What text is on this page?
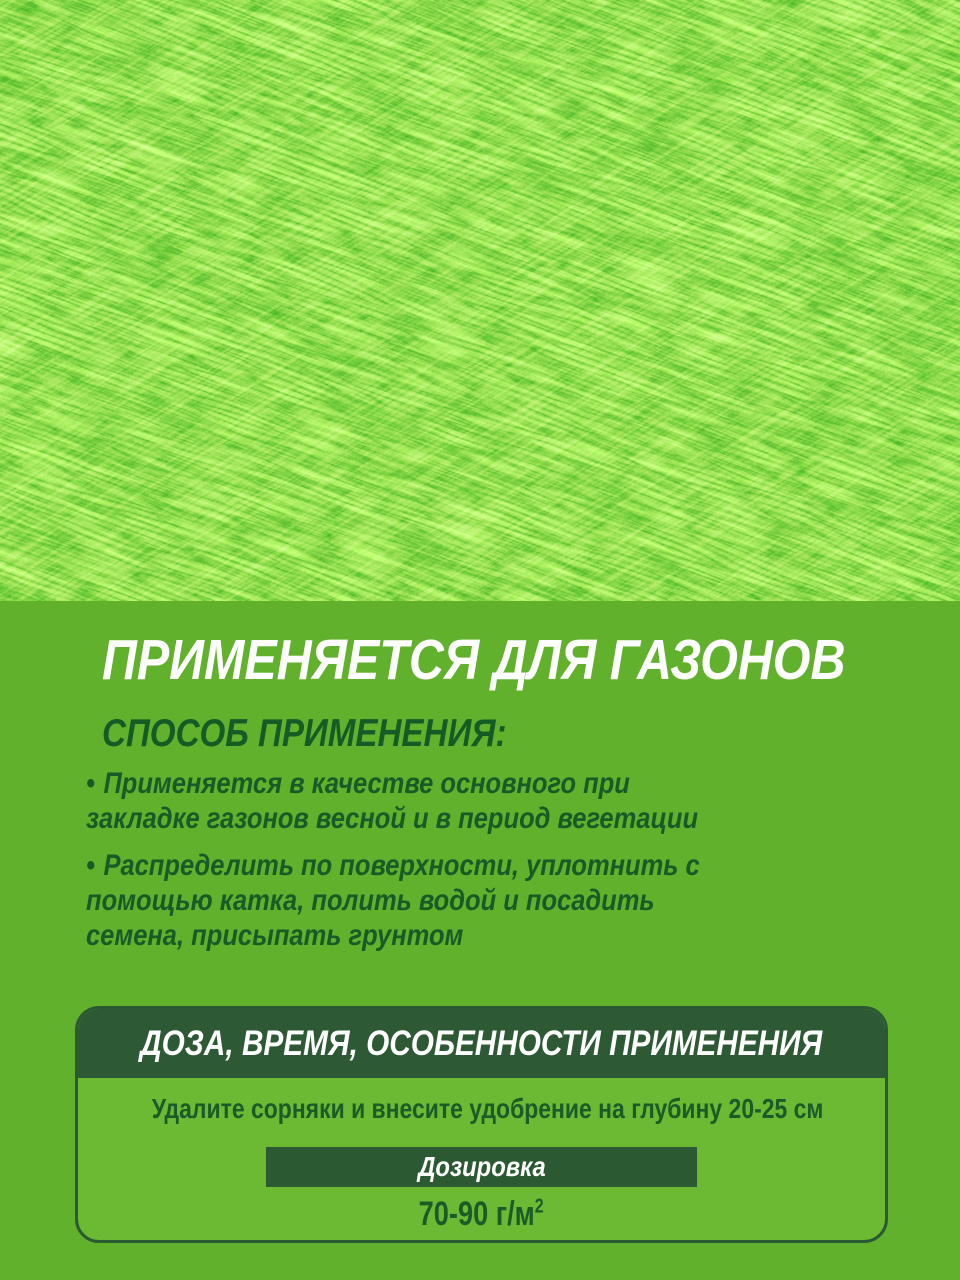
ПРИМЕНЯЕТСЯ ДЛЯ ГАЗОНОВ
СПОСОБ ПРИМЕНЕНИЯ:
• Применяется в качестве основного при
закладке газонов весной и в период вегетации
• Распределить по поверхности, уплотнить с
помощью катка, полить водой и посадить
семена, присыпать грунтом
ДОЗА, ВРЕМЯ, ОСОБЕННОСТИ ПРИМЕНЕНИЯ
Удалите сорняки и внесите удобрение на глубину 20-25 см
Дозировка
70-90 $г/м^2$
